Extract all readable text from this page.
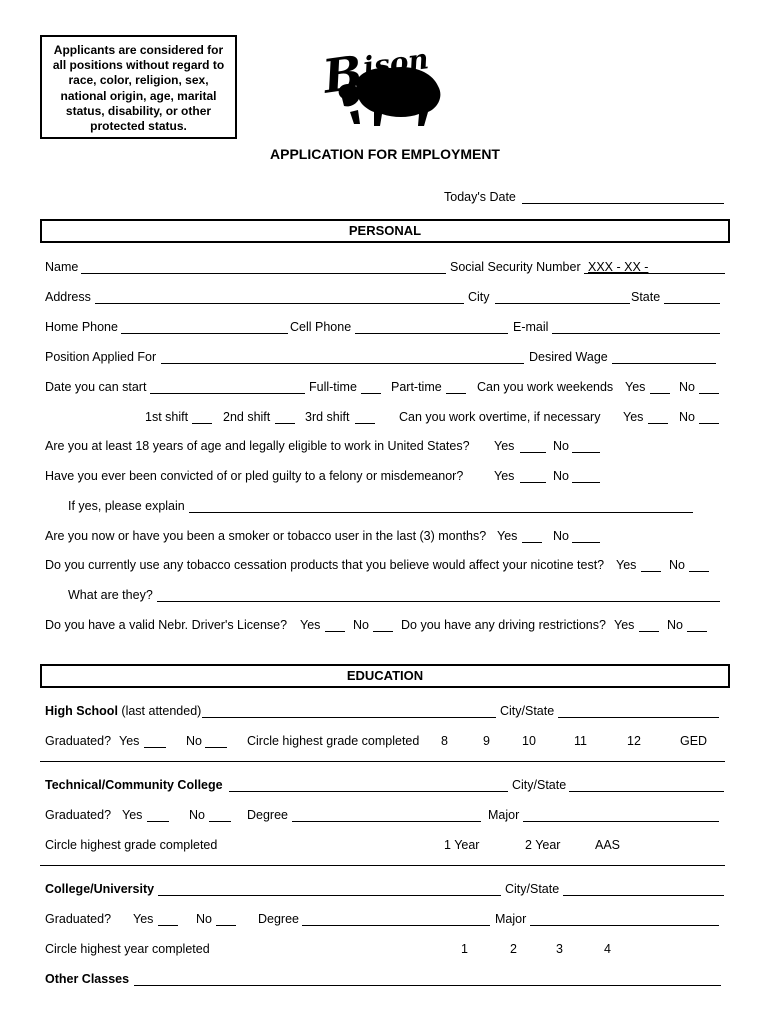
Applicants are considered for all positions without regard to race, color, religion, sex, national origin, age, marital status, disability, or other protected status.
B
ison
APPLICATION FOR EMPLOYMENT
Today's Date
PERSONAL
Name	Social Security Number XXX - XX -
Address	City	State
Home Phone	Cell Phone	E-mail
Position Applied For	Desired Wage
Date you can start	Full-time	Part-time	Can you work weekends Yes	No
1st shift	2nd shift	3rd shift	Can you work overtime, if necessary Yes	No
Are you at least 18 years of age and legally eligible to work in United States? Yes	No
Have you ever been convicted of or pled guilty to a felony or misdemeanor? Yes	No
If yes, please explain
Are you now or have you been a smoker or tobacco user in the last (3) months? Yes	No
Do you currently use any tobacco cessation products that you believe would affect your nicotine test? Yes	No
What are they?
Do you have a valid Nebr. Driver's License? Yes	No	Do you have any driving restrictions? Yes	No
EDUCATION
High School (last attended)	City/State
Graduated? Yes	No	Circle highest grade completed 8	9	10	11	12	GED
Technical/Community College	City/State
Graduated? Yes	No	Degree	Major
Circle highest grade completed	1 Year	2 Year	AAS
College/University	City/State
Graduated? Yes	No	Degree	Major
Circle highest year completed	1	2	3	4
Other Classes
